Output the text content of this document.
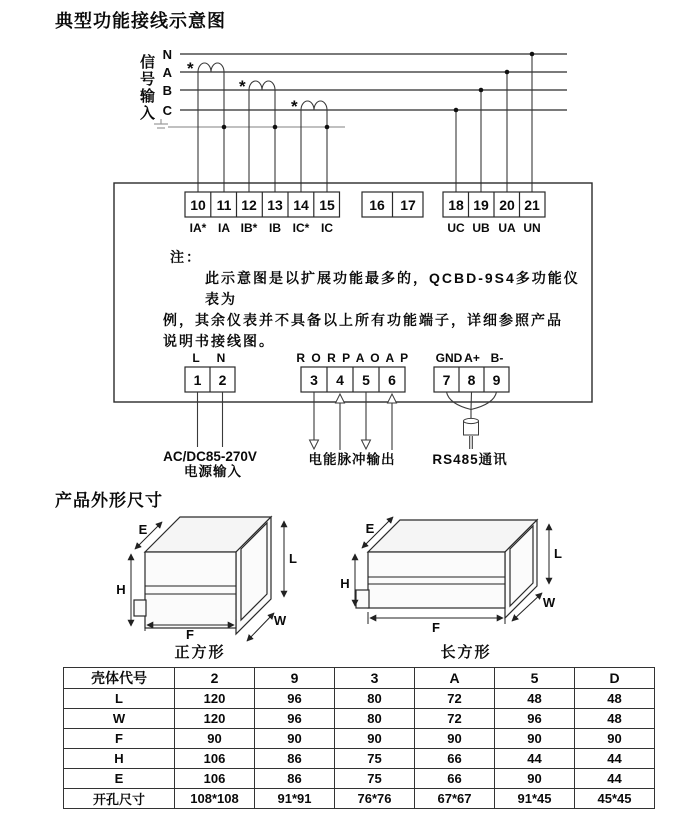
典型功能接线示意图
信号输入 N
A
B
C
*
*
*
10 11 12 13 14 15
IA* IA IB* IB IC* IC
16 17 18 19 20 21
UC UB UA UN
L N
1 2
R O R P A O A P
3 4 5 6
GND A+ B-
7 8 9
AC/DC85-270V
电源输入
电能脉冲输出	RS485通讯
E
H
L
W
F
正方形
E
H
L
W
F
长方形
注：
此示意图是以扩展功能最多的，QCBD-9S4多功能仪表为
例，其余仪表并不具备以上所有功能端子，详细参照产品
说明书接线图。
产品外形尺寸
壳体代号	2	9	3	A	5	D
L	120	96	80	72	48	48
W	120	96	80	72	96	48
F	90	90	90	90	90	90
H	106	86	75	66	44	44
E	106	86	75	66	90	44
开孔尺寸	108*108	91*91	76*76	67*67	91*45	45*45
